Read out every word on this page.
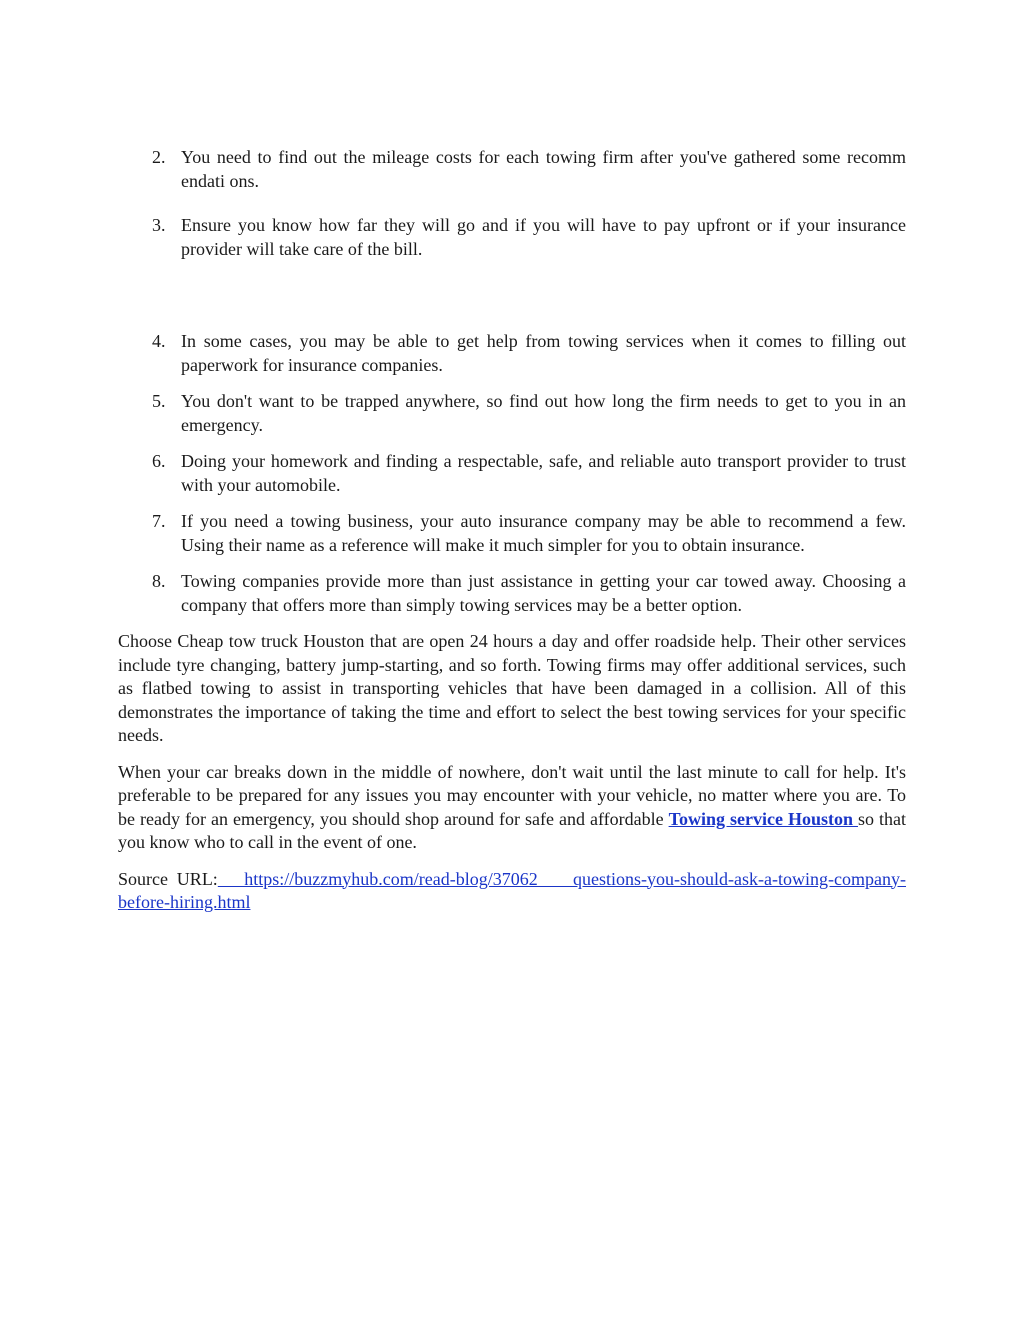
2. You need to find out the mileage costs for each towing firm after you've gathered some recomm endati ons.
3. Ensure you know how far they will go and if you will have to pay upfront or if your insurance provider will take care of the bill.
4. In some cases, you may be able to get help from towing services when it comes to filling out paperwork for insurance companies.
5. You don't want to be trapped anywhere, so find out how long the firm needs to get to you in an emergency.
6. Doing your homework and finding a respectable, safe, and reliable auto transport provider to trust with your automobile.
7. If you need a towing business, your auto insurance company may be able to recommend a few. Using their name as a reference will make it much simpler for you to obtain insurance.
8. Towing companies provide more than just assistance in getting your car towed away. Choosing a company that offers more than simply towing services may be a better option.

Choose Cheap tow truck Houston that are open 24 hours a day and offer roadside help. Their other services include tyre changing, battery jump-starting, and so forth. Towing firms may offer additional services, such as flatbed towing to assist in transporting vehicles that have been damaged in a collision. All of this demonstrates the importance of taking the time and effort to select the best towing services for your specific needs.

When your car breaks down in the middle of nowhere, don't wait until the last minute to call for help. It's preferable to be prepared for any issues you may encounter with your vehicle, no matter where you are. To be ready for an emergency, you should shop around for safe and affordable Towing service Houston so that you know who to call in the event of one.

Source URL:   https://buzzmyhub.com/read-blog/37062    questions-you-should-ask-a-towing-company-before-hiring.html
